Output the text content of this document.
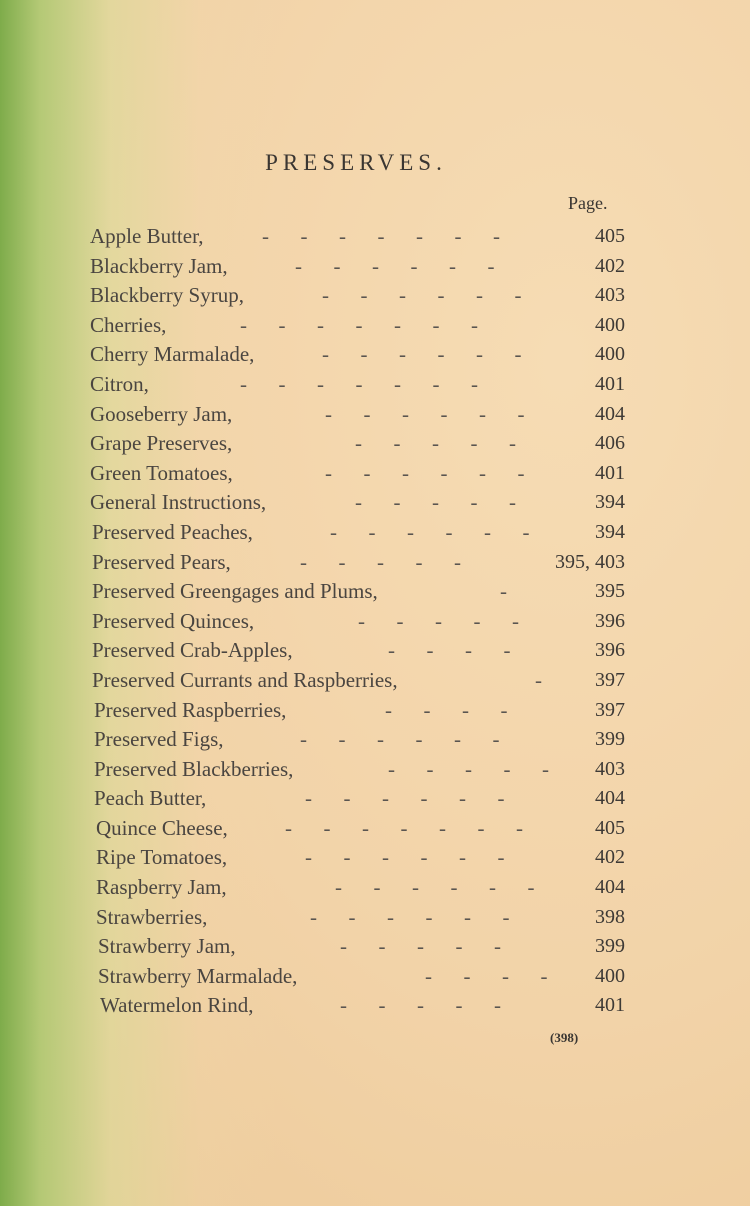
PRESERVES.
Page.
Apple Butter,	-      -      -      -      -      -      -	405
Blackberry Jam,	-      -      -      -      -      -	402
Blackberry Syrup,	-      -      -      -      -      -	403
Cherries,	-      -      -      -      -      -      -	400
Cherry Marmalade,	-      -      -      -      -      -	400
Citron,	-      -      -      -      -      -      -	401
Gooseberry Jam,	-      -      -      -      -      -	404
Grape Preserves,	-      -      -      -      -	406
Green Tomatoes,	-      -      -      -      -      -	401
General Instructions,	-      -      -      -      -	394
Preserved Peaches,	-      -      -      -      -      -	394
Preserved Pears,	-      -      -      -      -	395, 403
Preserved Greengages and Plums,	-	395
Preserved Quinces,	-      -      -      -      -	396
Preserved Crab-Apples,	-      -      -      -	396
Preserved Currants and Raspberries,	-	397
Preserved Raspberries,	-      -      -      -	397
Preserved Figs,	-      -      -      -      -      -	399
Preserved Blackberries,	-      -      -      -      - 403
Peach Butter,	-      -      -      -      -      -	404
Quince Cheese,	-      -      -      -      -      -      -	405
Ripe Tomatoes,	-      -      -      -      -      -	402
Raspberry Jam,	-      -      -      -      -      -	404
Strawberries,	-      -      -      -      -      -	398
Strawberry Jam,	-      -      -      -      -	399
Strawberry Marmalade,	-      -      -      - 400
Watermelon Rind,	-      -      -      -      -	401
(398)
